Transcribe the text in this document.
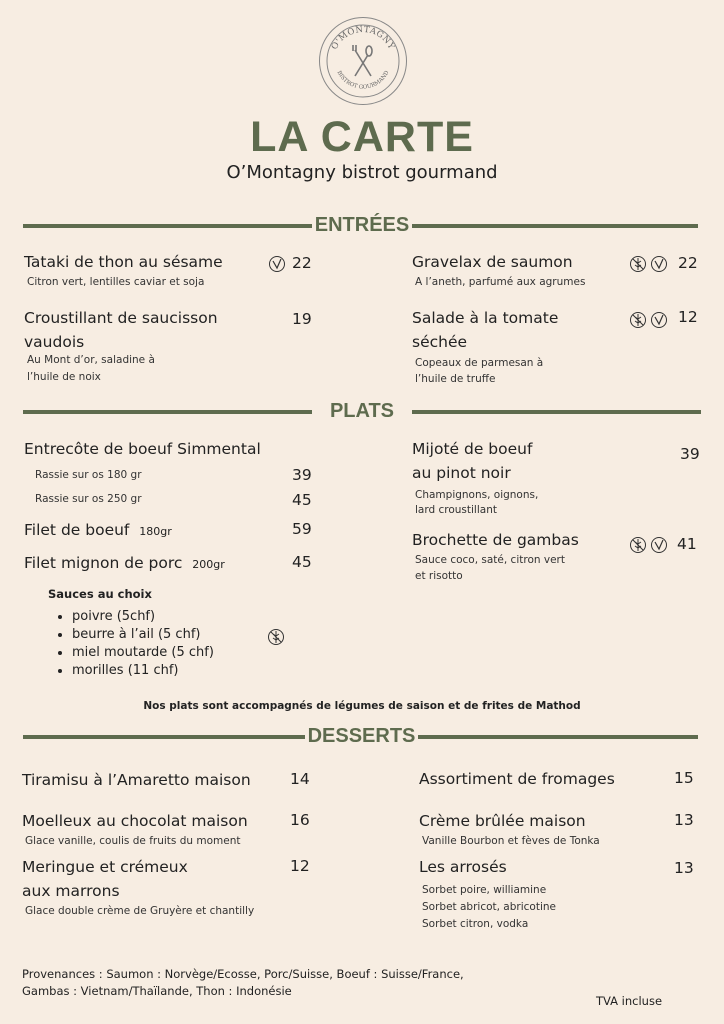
O'MONTAGNY
BISTROT GOURMAND
LA CARTE
O’Montagny bistrot gourmand
ENTRÉES
Tataki de thon au sésame	22
Citron vert, lentilles caviar et soja
Croustillant de saucisson
vaudois
19
Au Mont d’or, saladine à
l’huile de noix
Gravelax de saumon	22
A l’aneth, parfumé aux agrumes
Salade à la tomate
séchée
12
Copeaux de parmesan à
l’huile de truffe
PLATS
Entrecôte de boeuf Simmental
Rassie sur os 180 gr	39
Rassie sur os 250 gr	45
Filet de boeuf 180gr	59
Filet mignon de porc 200gr	45
Sauces au choix
• poivre (5chf)
• beurre à l’ail (5 chf)
• miel moutarde (5 chf)
• morilles (11 chf)
Mijoté de boeuf
au pinot noir
39
Champignons, oignons,
lard croustillant
Brochette de gambas	41
Sauce coco, saté, citron vert
et risotto
Nos plats sont accompagnés de légumes de saison et de frites de Mathod
DESSERTS
Tiramisu à l’Amaretto maison	14
Moelleux au chocolat maison	16
Glace vanille, coulis de fruits du moment
Meringue et crémeux
aux marrons
12
Glace double crème de Gruyère et chantilly
Assortiment de fromages	15
Crème brûlée maison	13
Vanille Bourbon et fèves de Tonka
Les arrosés	13
Sorbet poire, williamine
Sorbet abricot, abricotine
Sorbet citron, vodka
Provenances : Saumon : Norvège/Ecosse, Porc/Suisse, Boeuf : Suisse/France,
Gambas : Vietnam/Thaïlande, Thon : Indonésie
TVA incluse
